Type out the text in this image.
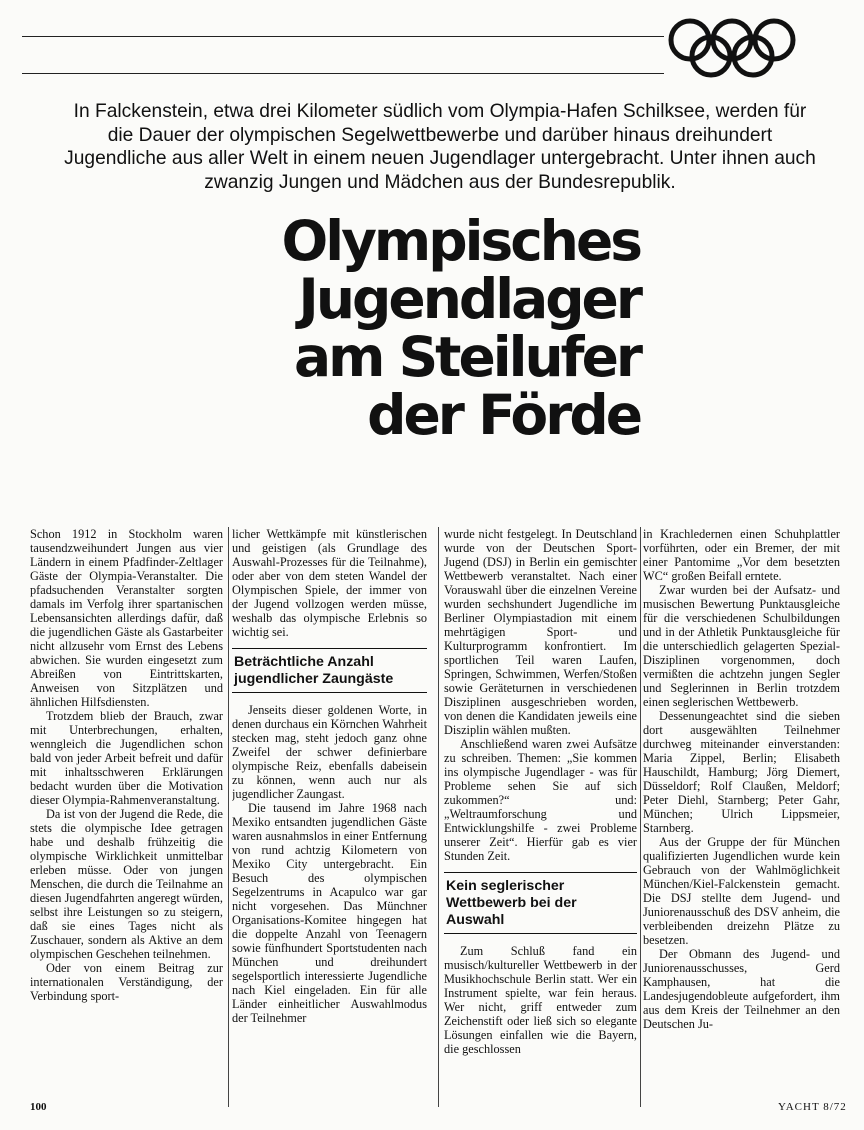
In Falckenstein, etwa drei Kilometer südlich vom Olympia-Hafen Schilksee, werden für die Dauer der olympischen Segelwettbewerbe und darüber hinaus dreihundert Jugendliche aus aller Welt in einem neuen Jugendlager untergebracht. Unter ihnen auch zwanzig Jungen und Mädchen aus der Bundesrepublik.

Olympisches
Jugendlager
am Steilufer
der Förde

Schon 1912 in Stockholm waren tausendzweihundert Jungen aus vier Ländern in einem Pfadfinder-Zeltlager Gäste der Olympia-Veranstalter. Die pfadsuchenden Veranstalter sorgten damals im Verfolg ihrer spartanischen Lebensansichten allerdings dafür, daß die jugendlichen Gäste als Gastarbeiter nicht allzusehr vom Ernst des Lebens abwichen. Sie wurden eingesetzt zum Abreißen von Eintrittskarten, Anweisen von Sitzplätzen und ähnlichen Hilfsdiensten.

Trotzdem blieb der Brauch, zwar mit Unterbrechungen, erhalten, wenngleich die Jugendlichen schon bald von jeder Arbeit befreit und dafür mit inhaltsschweren Erklärungen bedacht wurden über die Motivation dieser Olympia-Rahmenveranstaltung.

Da ist von der Jugend die Rede, die stets die olympische Idee getragen habe und deshalb frühzeitig die olympische Wirklichkeit unmittelbar erleben müsse. Oder von jungen Menschen, die durch die Teilnahme an diesen Jugendfahrten angeregt würden, selbst ihre Leistungen so zu steigern, daß sie eines Tages nicht als Zuschauer, sondern als Aktive an dem olympischen Geschehen teilnehmen.

Oder von einem Beitrag zur internationalen Verständigung, der Verbindung sport-

licher Wettkämpfe mit künstlerischen und geistigen (als Grundlage des Auswahl-Prozesses für die Teilnahme), oder aber von dem steten Wandel der Olympischen Spiele, der immer von der Jugend vollzogen werden müsse, weshalb das olympische Erlebnis so wichtig sei.

Beträchtliche Anzahl jugendlicher Zaungäste

Jenseits dieser goldenen Worte, in denen durchaus ein Körnchen Wahrheit stecken mag, steht jedoch ganz ohne Zweifel der schwer definierbare olympische Reiz, ebenfalls dabeisein zu können, wenn auch nur als jugendlicher Zaungast.

Die tausend im Jahre 1968 nach Mexiko entsandten jugendlichen Gäste waren ausnahmslos in einer Entfernung von rund achtzig Kilometern von Mexiko City untergebracht. Ein Besuch des olympischen Segelzentrums in Acapulco war gar nicht vorgesehen. Das Münchner Organisations-Komitee hingegen hat die doppelte Anzahl von Teenagern sowie fünfhundert Sportstudenten nach München und dreihundert segelsportlich interessierte Jugendliche nach Kiel eingeladen. Ein für alle Länder einheitlicher Auswahlmodus der Teilnehmer

wurde nicht festgelegt. In Deutschland wurde von der Deutschen Sport-Jugend (DSJ) in Berlin ein gemischter Wettbewerb veranstaltet. Nach einer Vorauswahl über die einzelnen Vereine wurden sechshundert Jugendliche im Berliner Olympiastadion mit einem mehrtägigen Sport- und Kulturprogramm konfrontiert. Im sportlichen Teil waren Laufen, Springen, Schwimmen, Werfen/Stoßen sowie Geräteturnen in verschiedenen Disziplinen ausgeschrieben worden, von denen die Kandidaten jeweils eine Disziplin wählen mußten.

Anschließend waren zwei Aufsätze zu schreiben. Themen: „Sie kommen ins olympische Jugendlager - was für Probleme sehen Sie auf sich zukommen?“ und: „Weltraumforschung und Entwicklungshilfe - zwei Probleme unserer Zeit“. Hierfür gab es vier Stunden Zeit.

Kein seglerischer Wettbewerb bei der Auswahl

Zum Schluß fand ein musisch/kultureller Wettbewerb in der Musikhochschule Berlin statt. Wer ein Instrument spielte, war fein heraus. Wer nicht, griff entweder zum Zeichenstift oder ließ sich so elegante Lösungen einfallen wie die Bayern, die geschlossen

in Krachledernen einen Schuhplattler vorführten, oder ein Bremer, der mit einer Pantomime „Vor dem besetzten WC“ großen Beifall erntete.

Zwar wurden bei der Aufsatz- und musischen Bewertung Punktausgleiche für die verschiedenen Schulbildungen und in der Athletik Punktausgleiche für die unterschiedlich gelagerten Spezial-Disziplinen vorgenommen, doch vermißten die achtzehn jungen Segler und Seglerinnen in Berlin trotzdem einen seglerischen Wettbewerb.

Dessenungeachtet sind die sieben dort ausgewählten Teilnehmer durchweg miteinander einverstanden: Maria Zippel, Berlin; Elisabeth Hauschildt, Hamburg; Jörg Diemert, Düsseldorf; Rolf Claußen, Meldorf; Peter Diehl, Starnberg; Peter Gahr, München; Ulrich Lippsmeier, Starnberg.

Aus der Gruppe der für München qualifizierten Jugendlichen wurde kein Gebrauch von der Wahlmöglichkeit München/Kiel-Falckenstein gemacht. Die DSJ stellte dem Jugend- und Juniorenausschuß des DSV anheim, die verbleibenden dreizehn Plätze zu besetzen.

Der Obmann des Jugend- und Juniorenausschusses, Gerd Kamphausen, hat die Landesjugendobleute aufgefordert, ihm aus dem Kreis der Teilnehmer an den Deutschen Ju-

100	YACHT 8/72
